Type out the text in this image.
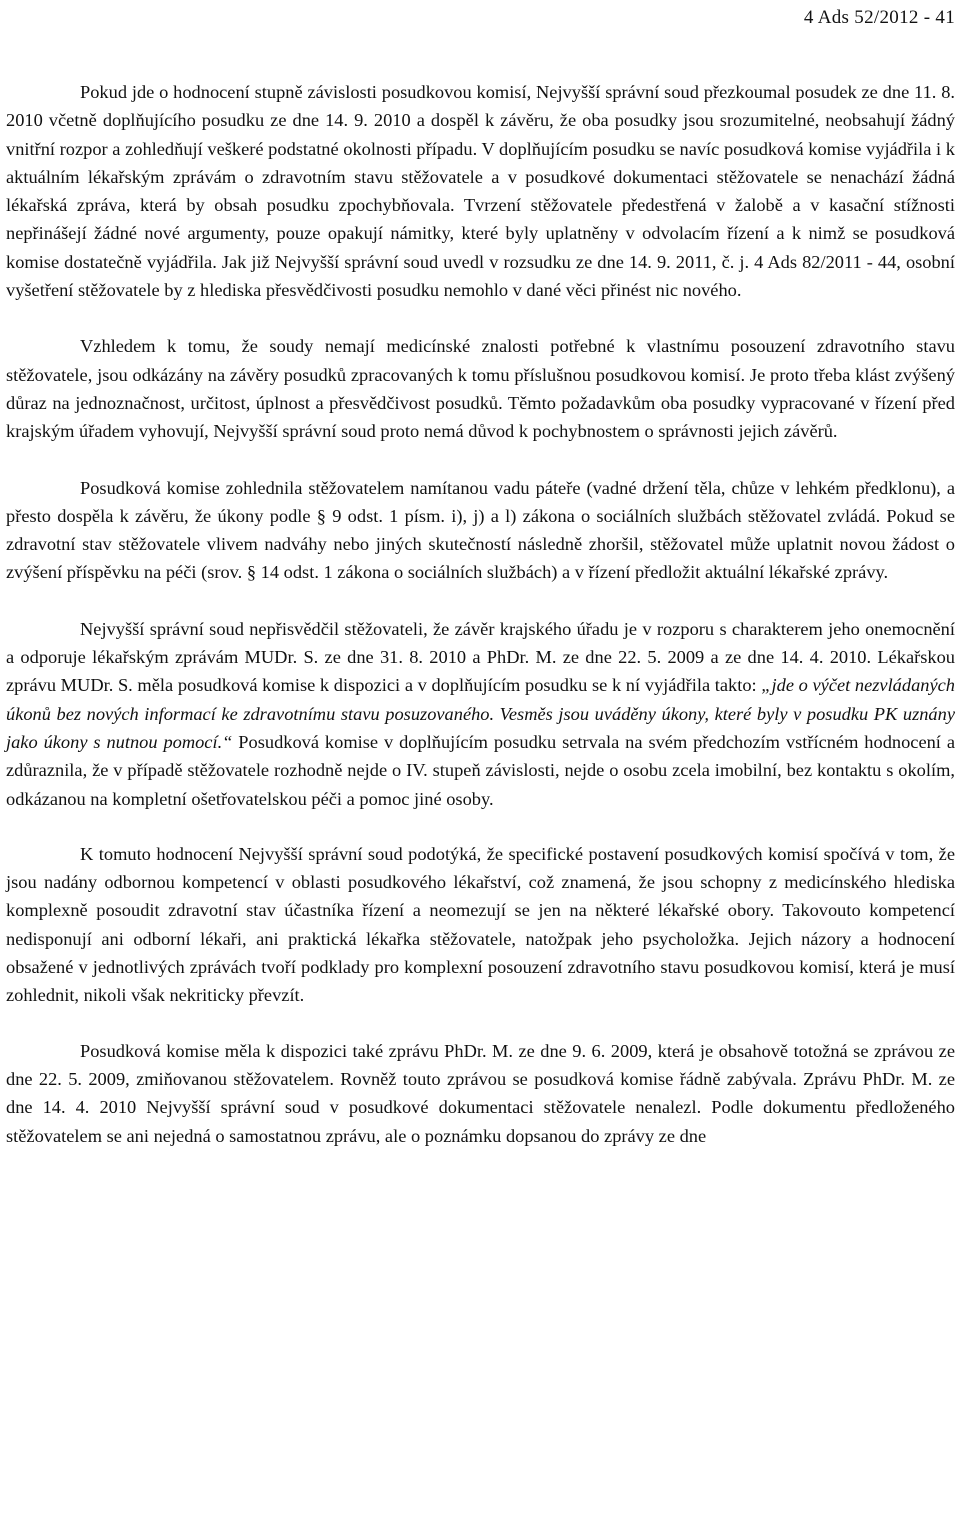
4 Ads 52/2012 - 41

Pokud jde o hodnocení stupně závislosti posudkovou komisí, Nejvyšší správní soud přezkoumal posudek ze dne 11. 8. 2010 včetně doplňujícího posudku ze dne 14. 9. 2010 a dospěl k závěru, že oba posudky jsou srozumitelné, neobsahují žádný vnitřní rozpor a zohledňují veškeré podstatné okolnosti případu. V doplňujícím posudku se navíc posudková komise vyjádřila i k aktuálním lékařským zprávám o zdravotním stavu stěžovatele a v posudkové dokumentaci stěžovatele se nenachází žádná lékařská zpráva, která by obsah posudku zpochybňovala. Tvrzení stěžovatele předestřená v žalobě a v kasační stížnosti nepřinášejí žádné nové argumenty, pouze opakují námitky, které byly uplatněny v odvolacím řízení a k nimž se posudková komise dostatečně vyjádřila. Jak již Nejvyšší správní soud uvedl v rozsudku ze dne 14. 9. 2011, č. j. 4 Ads 82/2011 - 44, osobní vyšetření stěžovatele by z hlediska přesvědčivosti posudku nemohlo v dané věci přinést nic nového.

Vzhledem k tomu, že soudy nemají medicínské znalosti potřebné k vlastnímu posouzení zdravotního stavu stěžovatele, jsou odkázány na závěry posudků zpracovaných k tomu příslušnou posudkovou komisí. Je proto třeba klást zvýšený důraz na jednoznačnost, určitost, úplnost a přesvědčivost posudků. Těmto požadavkům oba posudky vypracované v řízení před krajským úřadem vyhovují, Nejvyšší správní soud proto nemá důvod k pochybnostem o správnosti jejich závěrů.

Posudková komise zohlednila stěžovatelem namítanou vadu páteře (vadné držení těla, chůze v lehkém předklonu), a přesto dospěla k závěru, že úkony podle § 9 odst. 1 písm. i), j) a l) zákona o sociálních službách stěžovatel zvládá. Pokud se zdravotní stav stěžovatele vlivem nadváhy nebo jiných skutečností následně zhoršil, stěžovatel může uplatnit novou žádost o zvýšení příspěvku na péči (srov. § 14 odst. 1 zákona o sociálních službách) a v řízení předložit aktuální lékařské zprávy.

Nejvyšší správní soud nepřisvědčil stěžovateli, že závěr krajského úřadu je v rozporu s charakterem jeho onemocnění a odporuje lékařským zprávám MUDr. S. ze dne 31. 8. 2010 a PhDr. M. ze dne 22. 5. 2009 a ze dne 14. 4. 2010. Lékařskou zprávu MUDr. S. měla posudková komise k dispozici a v doplňujícím posudku se k ní vyjádřila takto: „jde o výčet nezvládaných úkonů bez nových informací ke zdravotnímu stavu posuzovaného. Vesměs jsou uváděny úkony, které byly v posudku PK uznány jako úkony s nutnou pomocí.“ Posudková komise v doplňujícím posudku setrvala na svém předchozím vstřícném hodnocení a zdůraznila, že v případě stěžovatele rozhodně nejde o IV. stupeň závislosti, nejde o osobu zcela imobilní, bez kontaktu s okolím, odkázanou na kompletní ošetřovatelskou péči a pomoc jiné osoby.

K tomuto hodnocení Nejvyšší správní soud podotýká, že specifické postavení posudkových komisí spočívá v tom, že jsou nadány odbornou kompetencí v oblasti posudkového lékařství, což znamená, že jsou schopny z medicínského hlediska komplexně posoudit zdravotní stav účastníka řízení a neomezují se jen na některé lékařské obory. Takovouto kompetencí nedisponují ani odborní lékaři, ani praktická lékařka stěžovatele, natožpak jeho psycholožka. Jejich názory a hodnocení obsažené v jednotlivých zprávách tvoří podklady pro komplexní posouzení zdravotního stavu posudkovou komisí, která je musí zohlednit, nikoli však nekriticky převzít.

Posudková komise měla k dispozici také zprávu PhDr. M. ze dne 9. 6. 2009, která je obsahově totožná se zprávou ze dne 22. 5. 2009, zmiňovanou stěžovatelem. Rovněž touto zprávou se posudková komise řádně zabývala. Zprávu PhDr. M. ze dne 14. 4. 2010 Nejvyšší správní soud v posudkové dokumentaci stěžovatele nenalezl. Podle dokumentu předloženého stěžovatelem se ani nejedná o samostatnou zprávu, ale o poznámku dopsanou do zprávy ze dne
